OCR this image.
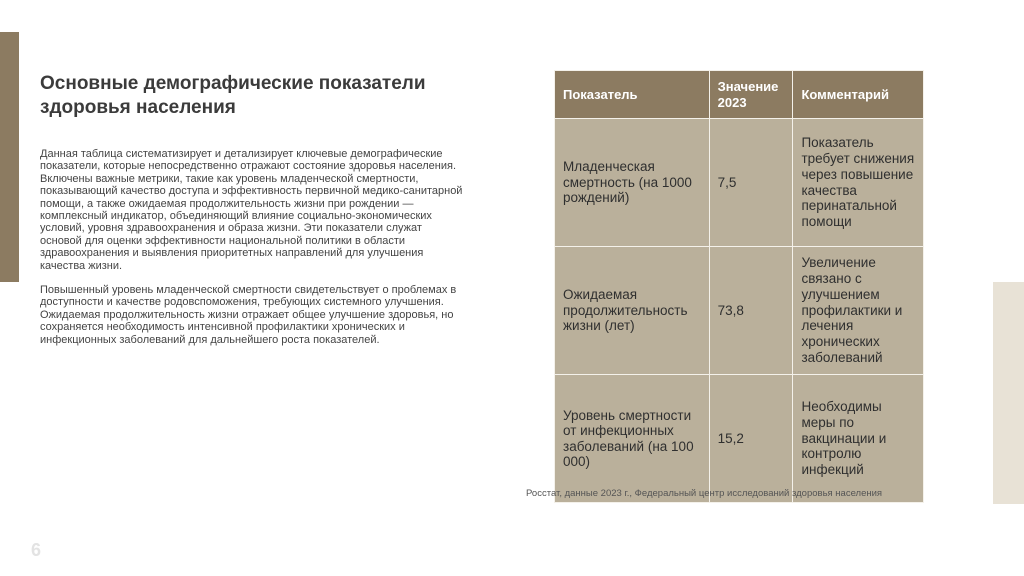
Основные демографические показатели здоровья населения

Данная таблица систематизирует и детализирует ключевые демографические показатели, которые непосредственно отражают состояние здоровья населения. Включены важные метрики, такие как уровень младенческой смертности, показывающий качество доступа и эффективность первичной медико-санитарной помощи, а также ожидаемая продолжительность жизни при рождении — комплексный индикатор, объединяющий влияние социально-экономических условий, уровня здравоохранения и образа жизни. Эти показатели служат основой для оценки эффективности национальной политики в области здравоохранения и выявления приоритетных направлений для улучшения качества жизни.

Повышенный уровень младенческой смертности свидетельствует о проблемах в доступности и качестве родовспоможения, требующих системного улучшения. Ожидаемая продолжительность жизни отражает общее улучшение здоровья, но сохраняется необходимость интенсивной профилактики хронических и инфекционных заболеваний для дальнейшего роста показателей.

Показатель	Значение 2023	Комментарий
Младенческая смертность (на 1000 рождений)	7,5	Показатель требует снижения через повышение качества перинатальной помощи
Ожидаемая продолжительность жизни (лет)	73,8	Увеличение связано с улучшением профилактики и лечения хронических заболеваний
Уровень смертности от инфекционных заболеваний (на 100 000)	15,2	Необходимы меры по вакцинации и контролю инфекций
Росстат, данные 2023 г., Федеральный центр исследований здоровья населения
6
